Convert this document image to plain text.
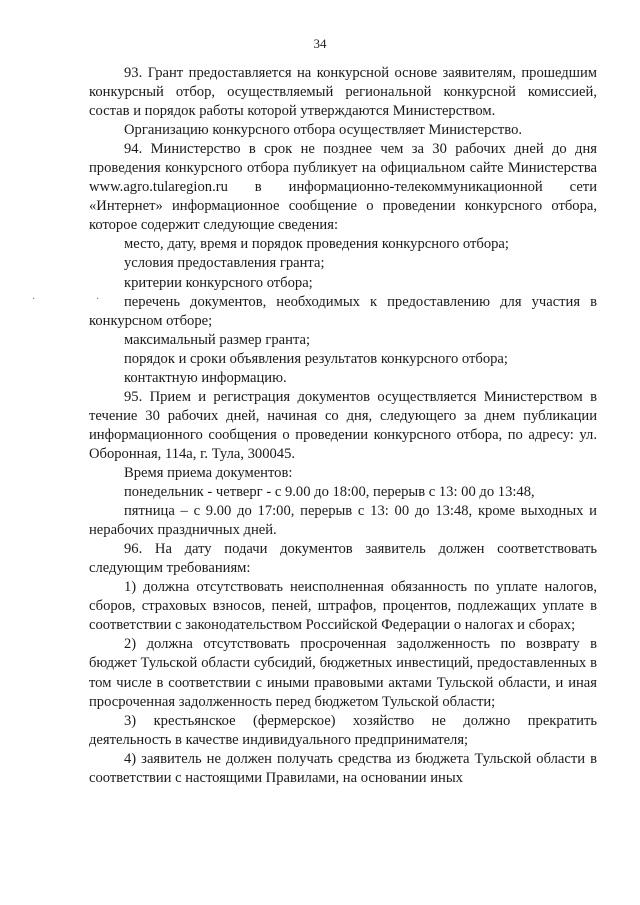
34

93. Грант предоставляется на конкурсной основе заявителям, прошедшим конкурсный отбор, осуществляемый региональной конкурсной комиссией, состав и порядок работы которой утверждаются Министерством.

Организацию конкурсного отбора осуществляет Министерство.

94. Министерство в срок не позднее чем за 30 рабочих дней до дня проведения конкурсного отбора публикует на официальном сайте Министерства www.agro.tularegion.ru в информационно-телекоммуникационной сети «Интернет» информационное сообщение о проведении конкурсного отбора, которое содержит следующие сведения:

место, дату, время и порядок проведения конкурсного отбора;

условия предоставления гранта;

критерии конкурсного отбора;

перечень документов, необходимых к предоставлению для участия в конкурсном отборе;

максимальный размер гранта;

порядок и сроки объявления результатов конкурсного отбора;

контактную информацию.

95. Прием и регистрация документов осуществляется Министерством в течение 30 рабочих дней, начиная со дня, следующего за днем публикации информационного сообщения о проведении конкурсного отбора, по адресу: ул. Оборонная, 114а, г. Тула, 300045.

Время приема документов:

понедельник - четверг - с 9.00 до 18:00, перерыв с 13: 00 до 13:48,

пятница – с 9.00 до 17:00, перерыв с 13: 00 до 13:48, кроме выходных и нерабочих праздничных дней.

96. На дату подачи документов заявитель должен соответствовать следующим требованиям:

1) должна отсутствовать неисполненная обязанность по уплате налогов, сборов, страховых взносов, пеней, штрафов, процентов, подлежащих уплате в соответствии с законодательством Российской Федерации о налогах и сборах;

2) должна отсутствовать просроченная задолженность по возврату в бюджет Тульской области субсидий, бюджетных инвестиций, предоставленных в том числе в соответствии с иными правовыми актами Тульской области, и иная просроченная задолженность перед бюджетом Тульской области;

3) крестьянское (фермерское) хозяйство не должно прекратить деятельность в качестве индивидуального предпринимателя;

4) заявитель не должен получать средства из бюджета Тульской области в соответствии с настоящими Правилами, на основании иных

·	·
